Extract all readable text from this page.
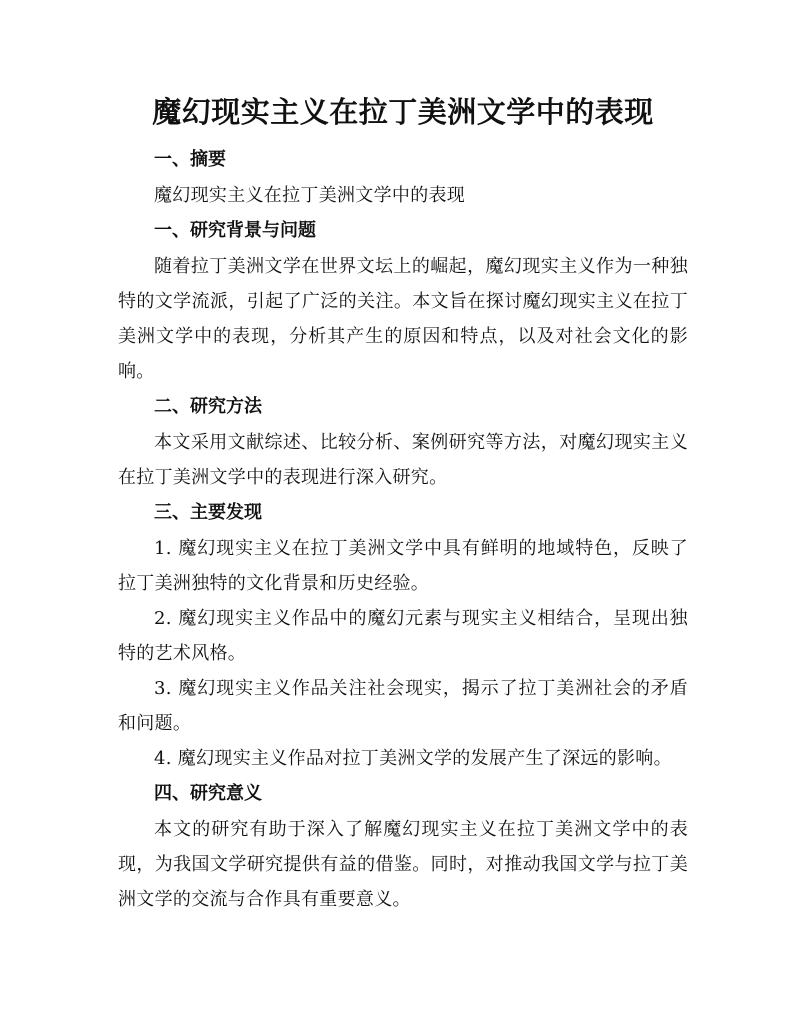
魔幻现实主义在拉丁美洲文学中的表现

一、摘要

魔幻现实主义在拉丁美洲文学中的表现

一、研究背景与问题

随着拉丁美洲文学在世界文坛上的崛起，魔幻现实主义作为一种独特的文学流派，引起了广泛的关注。本文旨在探讨魔幻现实主义在拉丁美洲文学中的表现，分析其产生的原因和特点，以及对社会文化的影响。

二、研究方法

本文采用文献综述、比较分析、案例研究等方法，对魔幻现实主义在拉丁美洲文学中的表现进行深入研究。

三、主要发现

1. 魔幻现实主义在拉丁美洲文学中具有鲜明的地域特色，反映了拉丁美洲独特的文化背景和历史经验。

2. 魔幻现实主义作品中的魔幻元素与现实主义相结合，呈现出独特的艺术风格。

3. 魔幻现实主义作品关注社会现实，揭示了拉丁美洲社会的矛盾和问题。

4. 魔幻现实主义作品对拉丁美洲文学的发展产生了深远的影响。

四、研究意义

本文的研究有助于深入了解魔幻现实主义在拉丁美洲文学中的表现，为我国文学研究提供有益的借鉴。同时，对推动我国文学与拉丁美洲文学的交流与合作具有重要意义。
